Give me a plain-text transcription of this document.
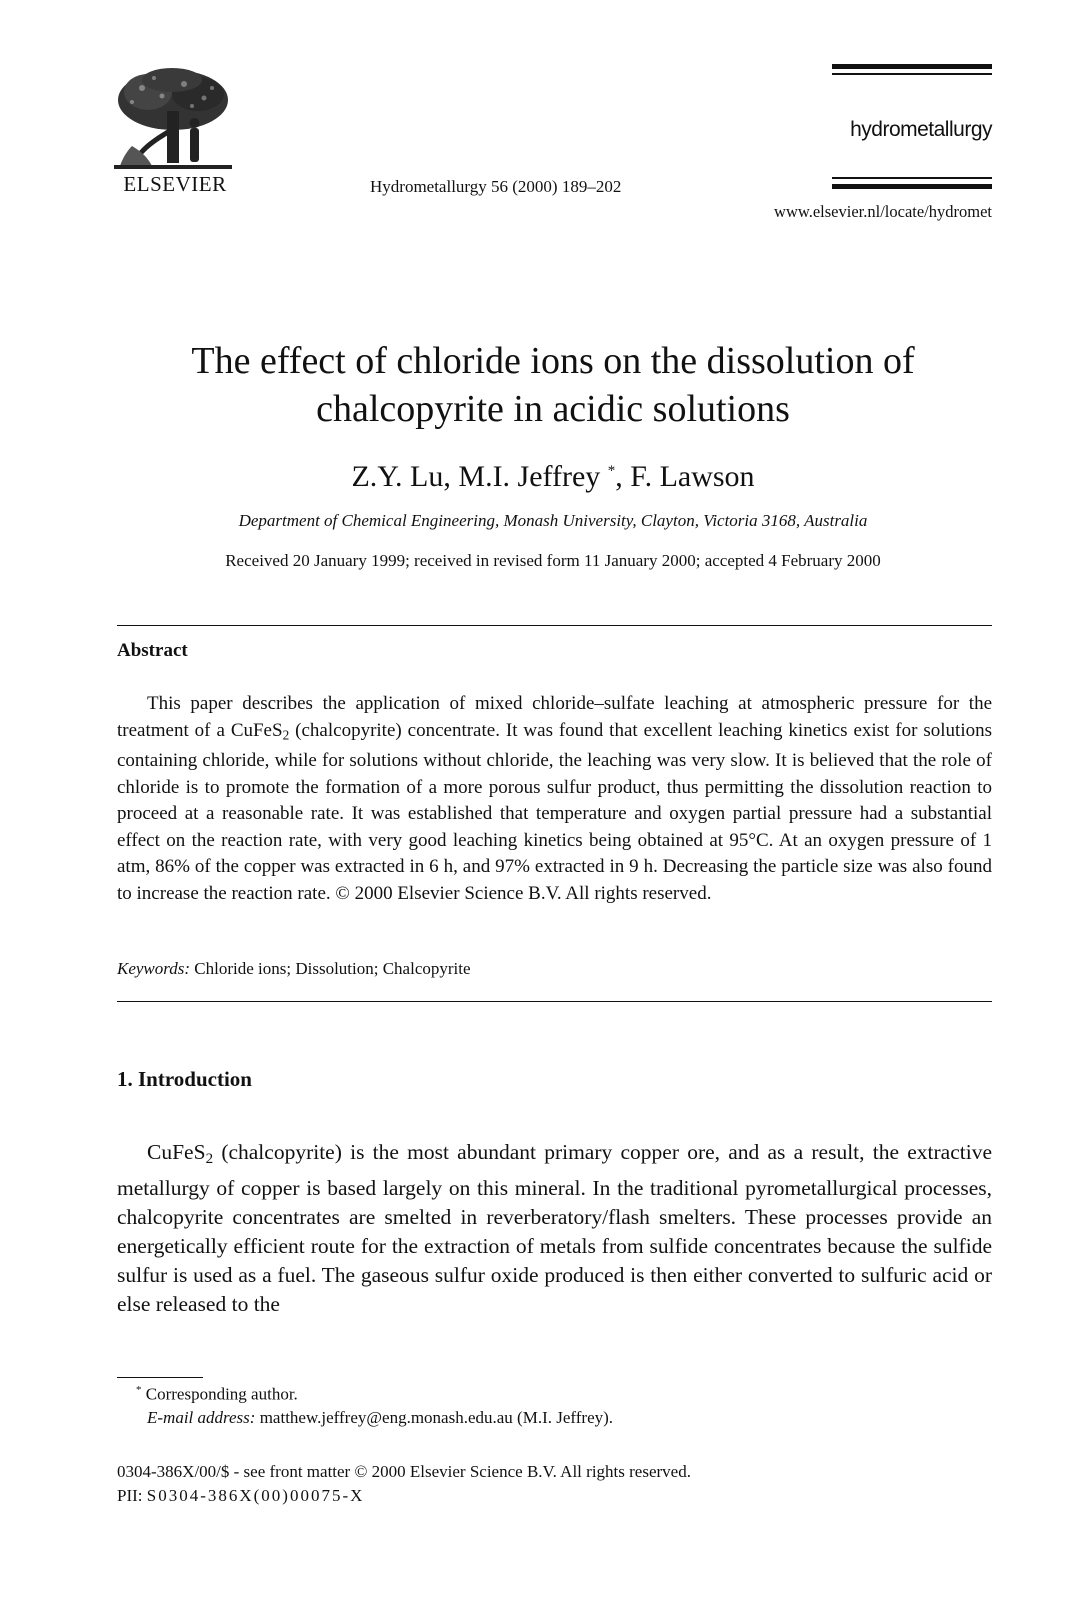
ELSEVIER	Hydrometallurgy 56 (2000) 189–202
hydrometallurgy
www.elsevier.nl/locate/hydromet
The effect of chloride ions on the dissolution of
chalcopyrite in acidic solutions
Z.Y. Lu, M.I. Jeffrey *, F. Lawson
Department of Chemical Engineering, Monash University, Clayton, Victoria 3168, Australia
Received 20 January 1999; received in revised form 11 January 2000; accepted 4 February 2000
Abstract
This paper describes the application of mixed chloride–sulfate leaching at atmospheric pressure for the treatment of a CuFeS$_2$ (chalcopyrite) concentrate. It was found that excellent leaching kinetics exist for solutions containing chloride, while for solutions without chloride, the leaching was very slow. It is believed that the role of chloride is to promote the formation of a more porous sulfur product, thus permitting the dissolution reaction to proceed at a reasonable rate. It was established that temperature and oxygen partial pressure had a substantial effect on the reaction rate, with very good leaching kinetics being obtained at 95°C. At an oxygen pressure of 1 atm, 86% of the copper was extracted in 6 h, and 97% extracted in 9 h. Decreasing the particle size was also found to increase the reaction rate. © 2000 Elsevier Science B.V. All rights reserved.
Keywords: Chloride ions; Dissolution; Chalcopyrite
1. Introduction
CuFeS$_2$ (chalcopyrite) is the most abundant primary copper ore, and as a result, the extractive metallurgy of copper is based largely on this mineral. In the traditional pyrometallurgical processes, chalcopyrite concentrates are smelted in reverberatory/flash smelters. These processes provide an energetically efficient route for the extraction of metals from sulfide concentrates because the sulfide sulfur is used as a fuel. The gaseous sulfur oxide produced is then either converted to sulfuric acid or else released to the
* Corresponding author.
E-mail address: matthew.jeffrey@eng.monash.edu.au (M.I. Jeffrey).
0304-386X/00/$ - see front matter © 2000 Elsevier Science B.V. All rights reserved.
PII: S0304-386X(00)00075-X
